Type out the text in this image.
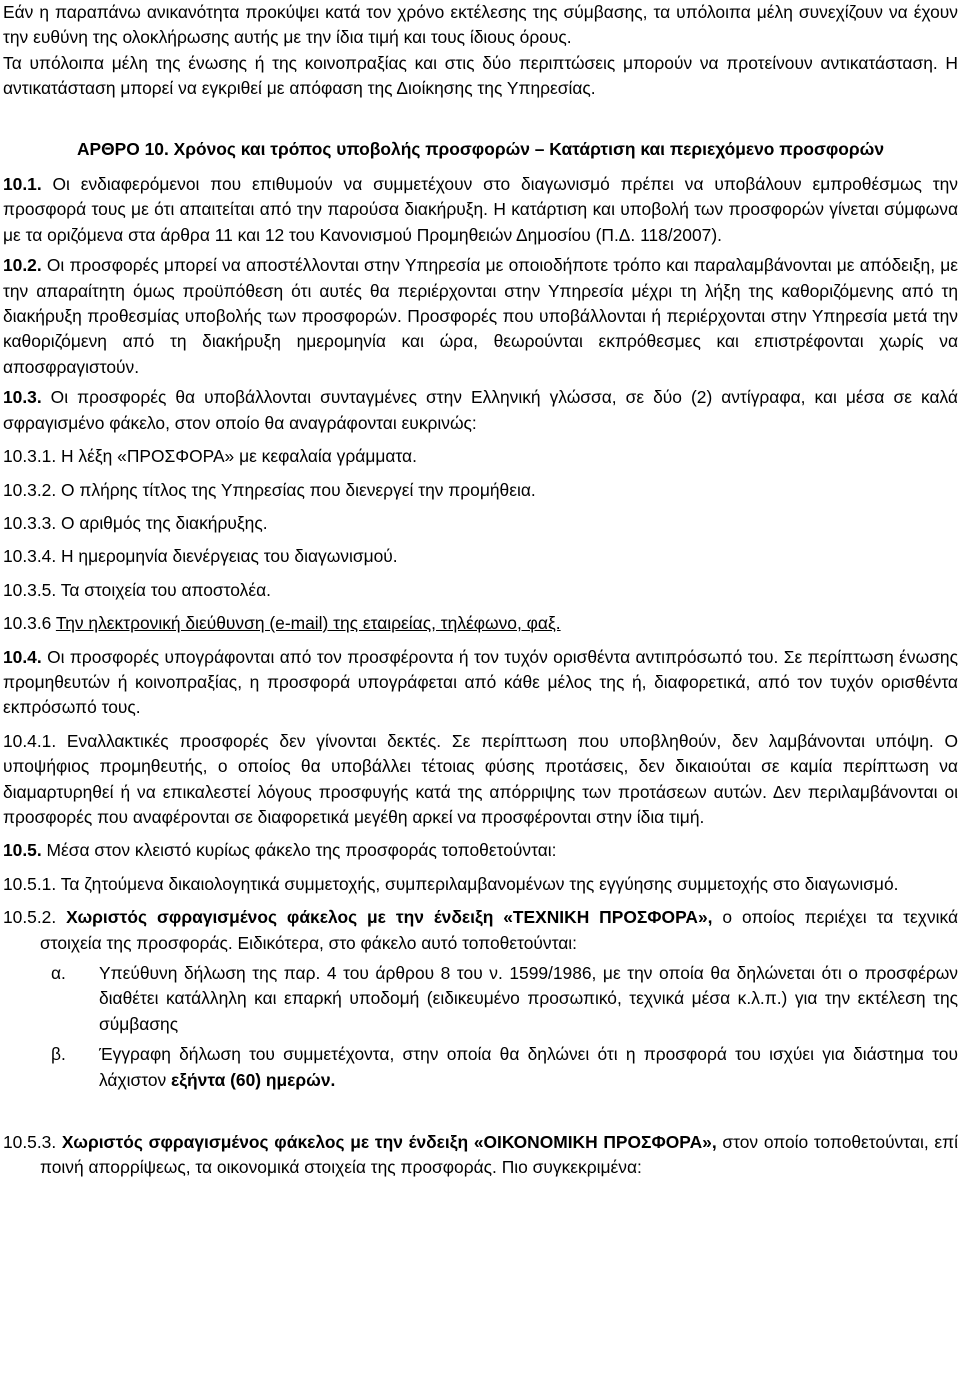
Εάν η παραπάνω ανικανότητα προκύψει κατά τον χρόνο εκτέλεσης της σύμβασης, τα υπόλοιπα μέλη συνεχίζουν να έχουν την ευθύνη της ολοκλήρωσης αυτής με την ίδια τιμή και τους ίδιους όρους.

Τα υπόλοιπα μέλη της ένωσης ή της κοινοπραξίας και στις δύο περιπτώσεις μπορούν να προτείνουν αντικατάσταση. Η αντικατάσταση μπορεί να εγκριθεί με απόφαση της Διοίκησης της Υπηρεσίας.

ΑΡΘΡΟ 10. Χρόνος και τρόπος υποβολής προσφορών – Κατάρτιση και περιεχόμενο προσφορών

10.1. Οι ενδιαφερόμενοι που επιθυμούν να συμμετέχουν στο διαγωνισμό πρέπει να υποβάλουν εμπροθέσμως την προσφορά τους με ότι απαιτείται από την παρούσα διακήρυξη. Η κατάρτιση και υποβολή των προσφορών γίνεται σύμφωνα με τα οριζόμενα στα άρθρα 11 και 12 του Κανονισμού Προμηθειών Δημοσίου (Π.Δ. 118/2007).

10.2. Οι προσφορές μπορεί να αποστέλλονται στην Υπηρεσία με οποιοδήποτε τρόπο και παραλαμβάνονται με απόδειξη, με την απαραίτητη όμως προϋπόθεση ότι αυτές θα περιέρχονται στην Υπηρεσία μέχρι τη λήξη της καθοριζόμενης από τη διακήρυξη προθεσμίας υποβολής των προσφορών. Προσφορές που υποβάλλονται ή περιέρχονται στην Υπηρεσία μετά την καθοριζόμενη από τη διακήρυξη ημερομηνία και ώρα, θεωρούνται εκπρόθεσμες και επιστρέφονται χωρίς να αποσφραγιστούν.

10.3. Οι προσφορές θα υποβάλλονται συνταγμένες στην Ελληνική γλώσσα, σε δύο (2) αντίγραφα, και μέσα σε καλά σφραγισμένο φάκελο, στον οποίο θα αναγράφονται ευκρινώς:

10.3.1. Η λέξη «ΠΡΟΣΦΟΡΑ» με κεφαλαία γράμματα.

10.3.2. Ο πλήρης τίτλος της Υπηρεσίας που διενεργεί την προμήθεια.

10.3.3. Ο αριθμός της διακήρυξης.

10.3.4. Η ημερομηνία διενέργειας του διαγωνισμού.

10.3.5. Τα στοιχεία του αποστολέα.

10.3.6 Την ηλεκτρονική διεύθυνση (e-mail) της εταιρείας, τηλέφωνο, φαξ.

10.4. Οι προσφορές υπογράφονται από τον προσφέροντα ή τον τυχόν ορισθέντα αντιπρόσωπό του. Σε περίπτωση ένωσης προμηθευτών ή κοινοπραξίας, η προσφορά υπογράφεται από κάθε μέλος της ή, διαφορετικά, από τον τυχόν ορισθέντα εκπρόσωπό τους.

10.4.1. Εναλλακτικές προσφορές δεν γίνονται δεκτές. Σε περίπτωση που υποβληθούν, δεν λαμβάνονται υπόψη. Ο υποψήφιος προμηθευτής, ο οποίος θα υποβάλλει τέτοιας φύσης προτάσεις, δεν δικαιούται σε καμία περίπτωση να διαμαρτυρηθεί ή να επικαλεστεί λόγους προσφυγής κατά της απόρριψης των προτάσεων αυτών. Δεν περιλαμβάνονται οι προσφορές που αναφέρονται σε διαφορετικά μεγέθη αρκεί να προσφέρονται στην ίδια τιμή.

10.5. Μέσα στον κλειστό κυρίως φάκελο της προσφοράς τοποθετούνται:

10.5.1. Τα ζητούμενα δικαιολογητικά συμμετοχής, συμπεριλαμβανομένων της εγγύησης συμμετοχής στο διαγωνισμό.

10.5.2. Χωριστός σφραγισμένος φάκελος με την ένδειξη «ΤΕΧΝΙΚΗ ΠΡΟΣΦΟΡΑ», ο οποίος περιέχει τα τεχνικά στοιχεία της προσφοράς. Ειδικότερα, στο φάκελο αυτό τοποθετούνται:

α.	Υπεύθυνη δήλωση της παρ. 4 του άρθρου 8 του ν. 1599/1986, με την οποία θα δηλώνεται ότι ο προσφέρων διαθέτει κατάλληλη και επαρκή υποδομή (ειδικευμένο προσωπικό, τεχνικά μέσα κ.λ.π.) για την εκτέλεση της σύμβασης
β.	Έγγραφη δήλωση του συμμετέχοντα, στην οποία θα δηλώνει ότι η προσφορά του ισχύει για διάστημα του λάχιστον εξήντα (60) ημερών.

10.5.3. Χωριστός σφραγισμένος φάκελος με την ένδειξη «ΟΙΚΟΝΟΜΙΚΗ ΠΡΟΣΦΟΡΑ», στον οποίο τοποθετούνται, επί ποινή απορρίψεως, τα οικονομικά στοιχεία της προσφοράς. Πιο συγκεκριμένα:
